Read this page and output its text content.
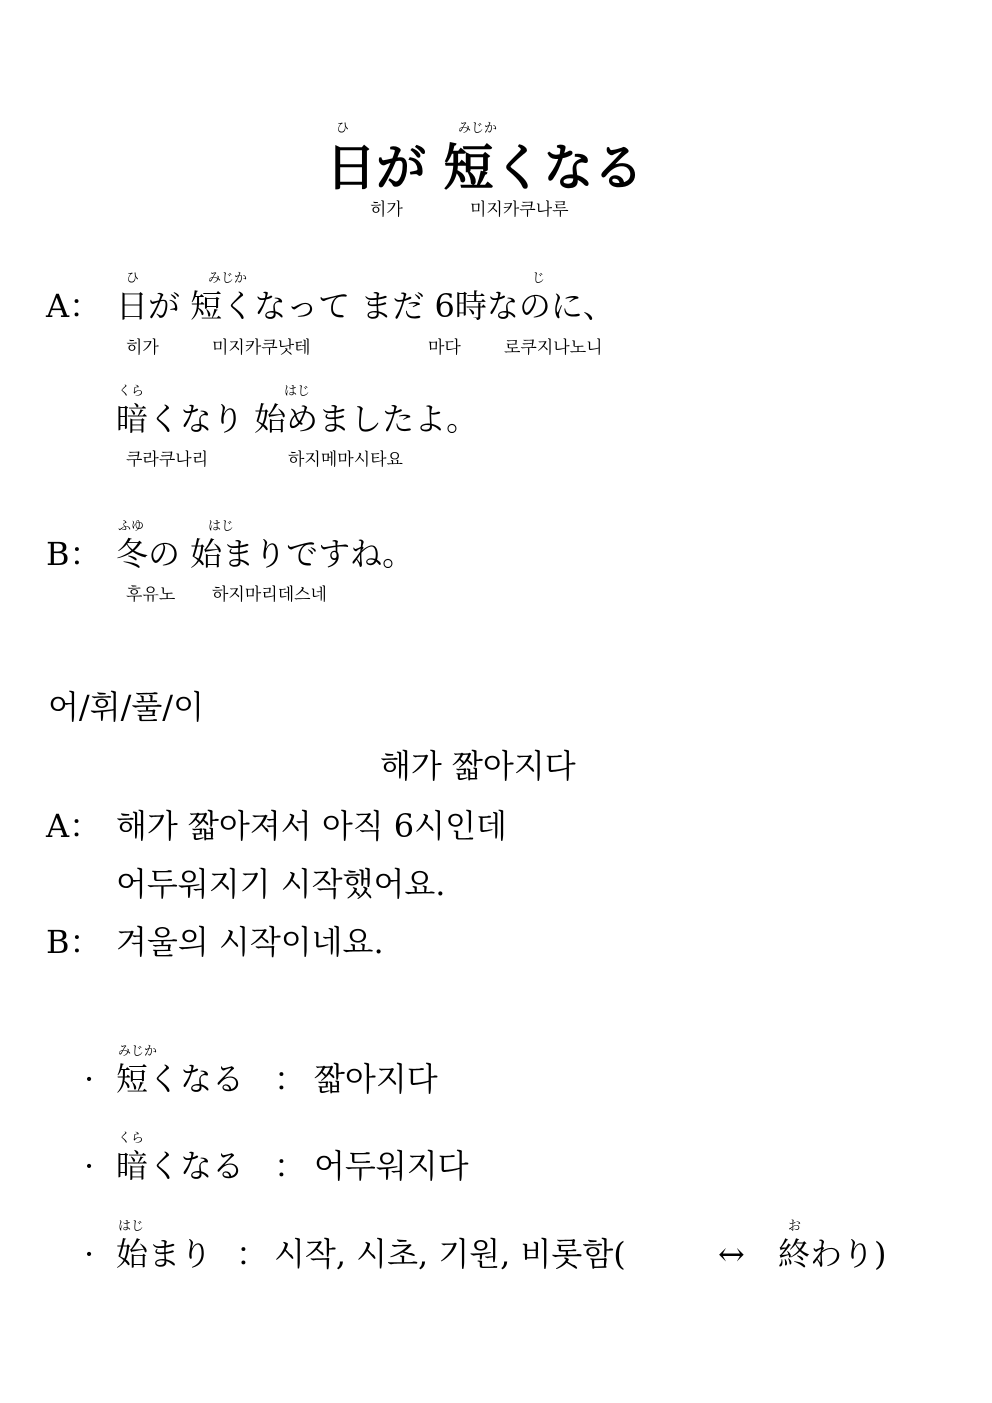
ひ	みじか
日が 短くなる
히가	미지카쿠나루
ひ	みじか	じ
A： 日が 短くなって まだ 6時なのに、
히가	미지카쿠낫테	마다	로쿠지나노니
くら	はじ
暗くなり 始めましたよ。
쿠라쿠나리	하지메마시타요
ふゆ	はじ
B： 冬の 始まりですね。
후유노 하지마리데스네
어/휘/풀/이
해가 짧아지다
A： 해가 짧아져서 아직 6시인데
어두워지기 시작했어요.
B： 겨울의 시작이네요.
みじか
· 短くなる ： 짧아지다
くら
· 暗くなる ： 어두워지다
はじ
· 始まり ： 시작, 시초, 기원, 비롯함(	↔
お
終わり)
